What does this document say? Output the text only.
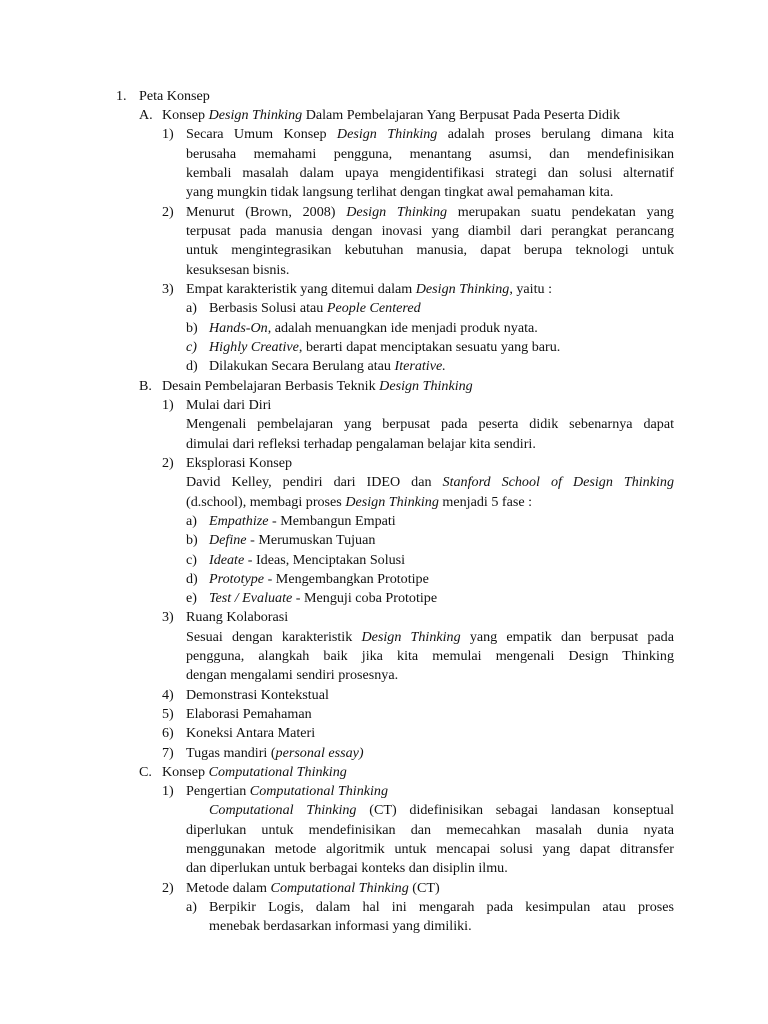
1. Peta Konsep
A. Konsep Design Thinking Dalam Pembelajaran Yang Berpusat Pada Peserta Didik
1) Secara Umum Konsep Design Thinking adalah proses berulang dimana kita
berusaha memahami pengguna, menantang asumsi, dan mendefinisikan
kembali masalah dalam upaya mengidentifikasi strategi dan solusi alternatif
yang mungkin tidak langsung terlihat dengan tingkat awal pemahaman kita.
2) Menurut (Brown, 2008) Design Thinking merupakan suatu pendekatan yang
terpusat pada manusia dengan inovasi yang diambil dari perangkat perancang
untuk mengintegrasikan kebutuhan manusia, dapat berupa teknologi untuk
kesuksesan bisnis.
3) Empat karakteristik yang ditemui dalam Design Thinking, yaitu :
a) Berbasis Solusi atau People Centered
b) Hands-On, adalah menuangkan ide menjadi produk nyata.
c) Highly Creative, berarti dapat menciptakan sesuatu yang baru.
d) Dilakukan Secara Berulang atau Iterative.
B. Desain Pembelajaran Berbasis Teknik Design Thinking
1) Mulai dari Diri
Mengenali pembelajaran yang berpusat pada peserta didik sebenarnya dapat
dimulai dari refleksi terhadap pengalaman belajar kita sendiri.
2) Eksplorasi Konsep
David Kelley, pendiri dari IDEO dan Stanford School of Design Thinking
(d.school), membagi proses Design Thinking menjadi 5 fase :
a) Empathize - Membangun Empati
b) Define - Merumuskan Tujuan
c) Ideate - Ideas, Menciptakan Solusi
d) Prototype - Mengembangkan Prototipe
e) Test / Evaluate - Menguji coba Prototipe
3) Ruang Kolaborasi
Sesuai dengan karakteristik Design Thinking yang empatik dan berpusat pada
pengguna, alangkah baik jika kita memulai mengenali Design Thinking
dengan mengalami sendiri prosesnya.
4) Demonstrasi Kontekstual
5) Elaborasi Pemahaman
6) Koneksi Antara Materi
7) Tugas mandiri (personal essay)
C. Konsep Computational Thinking
1) Pengertian Computational Thinking
Computational Thinking (CT) didefinisikan sebagai landasan konseptual
diperlukan untuk mendefinisikan dan memecahkan masalah dunia nyata
menggunakan metode algoritmik untuk mencapai solusi yang dapat ditransfer
dan diperlukan untuk berbagai konteks dan disiplin ilmu.
2) Metode dalam Computational Thinking (CT)
a) Berpikir Logis, dalam hal ini mengarah pada kesimpulan atau proses
menebak berdasarkan informasi yang dimiliki.
